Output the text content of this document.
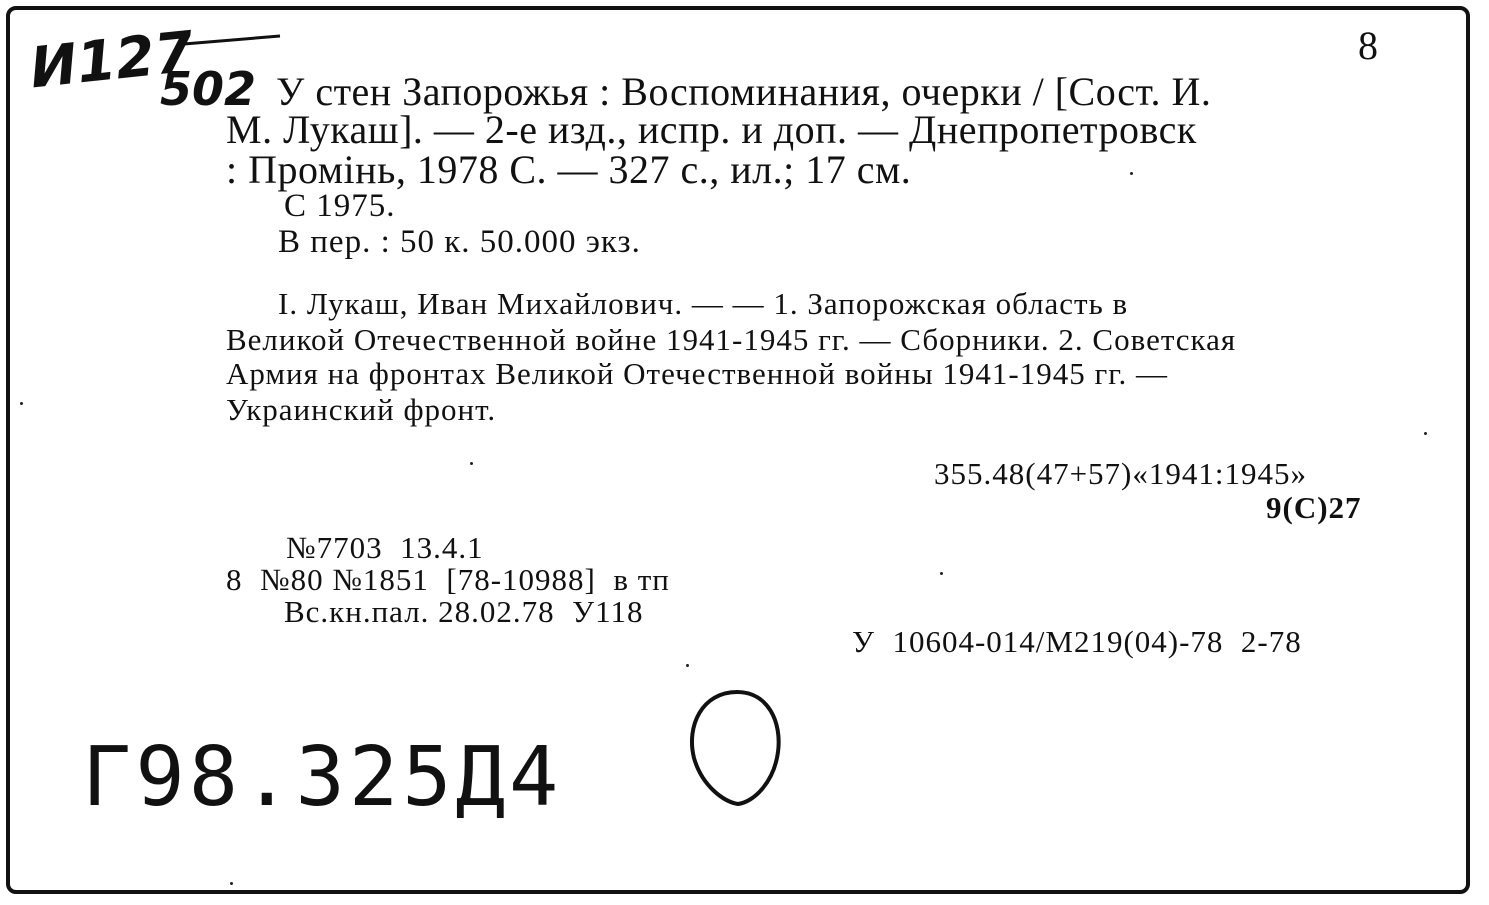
8
И127
502 У стен Запорожья : Воспоминания, очерки / [Сост. И.
М. Лукаш]. — 2-е изд., испр. и доп. — Днепропетровск
: Промінь, 1978 С. — 327 с., ил.; 17 см.
С 1975.
В пер. : 50 к. 50.000 экз.
I. Лукаш, Иван Михайлович. — — 1. Запорожская область в
Великой Отечественной войне 1941-1945 гг. — Сборники. 2. Советская
Армия на фронтах Великой Отечественной войны 1941-1945 гг. —
Украинский фронт.
355.48(47+57)«1941:1945»
9(С)27
№7703  13.4.1
8  №80 №1851  [78-10988]  в тп
Вс.кн.пал. 28.02.78  У118
У  10604-014/М219(04)-78  2-78
Г98.325Д4
